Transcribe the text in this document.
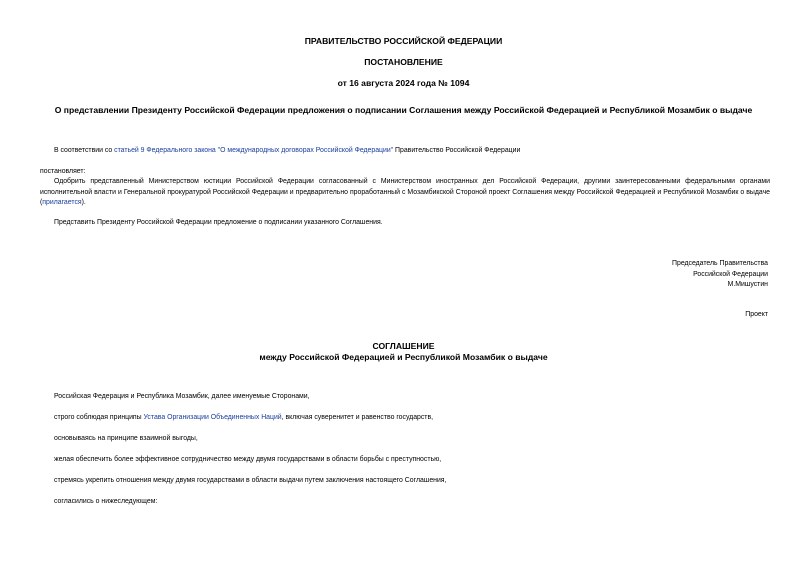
ПРАВИТЕЛЬСТВО РОССИЙСКОЙ ФЕДЕРАЦИИ
ПОСТАНОВЛЕНИЕ
от 16 августа 2024 года № 1094
О представлении Президенту Российской Федерации предложения о подписании Соглашения между Российской Федерацией и Республикой Мозамбик о выдаче
В соответствии со статьей 9 Федерального закона "О международных договорах Российской Федерации" Правительство Российской Федерации
постановляет:
Одобрить представленный Министерством юстиции Российской Федерации согласованный с Министерством иностранных дел Российской Федерации, другими заинтересованными федеральными органами исполнительной власти и Генеральной прокуратурой Российской Федерации и предварительно проработанный с Мозамбикской Стороной проект Соглашения между Российской Федерацией и Республикой Мозамбик о выдаче (прилагается).
Представить Президенту Российской Федерации предложение о подписании указанного Соглашения.
Председатель Правительства
Российской Федерации
М.Мишустин
Проект
СОГЛАШЕНИЕ
между Российской Федерацией и Республикой Мозамбик о выдаче
Российская Федерация и Республика Мозамбик, далее именуемые Сторонами,
строго соблюдая принципы Устава Организации Объединенных Наций, включая суверенитет и равенство государств,
основываясь на принципе взаимной выгоды,
желая обеспечить более эффективное сотрудничество между двумя государствами в области борьбы с преступностью,
стремясь укрепить отношения между двумя государствами в области выдачи путем заключения настоящего Соглашения,
согласились о нижеследующем:
